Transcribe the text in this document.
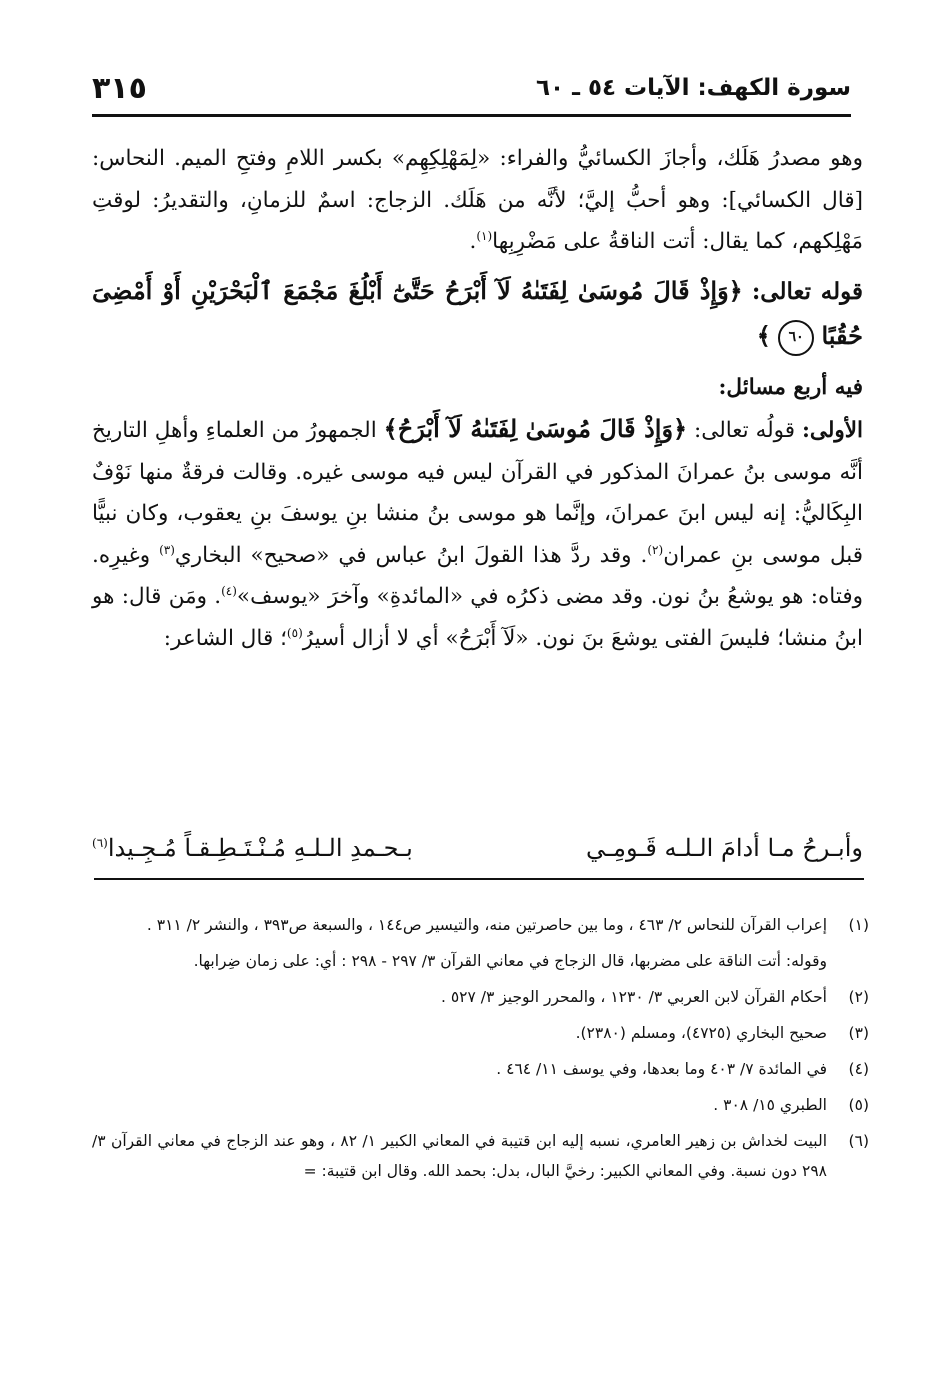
سورة الكهف: الآيات ٥٤ ـ ٦٠
٣١٥

وهو مصدرُ هَلَك، وأجازَ الكسائيُّ والفراء: «لِمَهْلِكِهِم» بكسر اللامِ وفتحِ الميم. النحاس: [قال الكسائي]: وهو أحبُّ إليَّ؛ لأنَّه من هَلَك. الزجاج: اسمٌ للزمانِ، والتقديرُ: لوقتِ مَهْلِكهم، كما يقال: أتت الناقةُ على مَضْرِبِها$^{(١)}$.

قوله تعالى: ﴿وَإِذْ قَالَ مُوسَىٰ لِفَتَىٰهُ لَآ أَبْرَحُ حَتَّىٰٓ أَبْلُغَ مَجْمَعَ ٱلْبَحْرَيْنِ أَوْ أَمْضِىَ حُقُبًا ٦٠ ﴾

فيه أربع مسائل:

الأولى: قولُه تعالى: ﴿وَإِذْ قَالَ مُوسَىٰ لِفَتَىٰهُ لَآ أَبْرَحُ﴾ الجمهورُ من العلماءِ وأهلِ التاريخ أنَّه موسى بنُ عمرانَ المذكور في القرآن ليس فيه موسى غيره. وقالت فرقةٌ منها نَوْفٌ البِكَاليُّ: إنه ليس ابنَ عمرانَ، وإنَّما هو موسى بنُ منشا بنِ يوسفَ بنِ يعقوب، وكان نبيًّا قبل موسى بنِ عمران$^{(٢)}$. وقد ردَّ هذا القولَ ابنُ عباس في «صحيح» البخاري$^{(٣)}$ وغيرِه. وفتاه: هو يوشعُ بنُ نون. وقد مضى ذكرُه في «المائدةِ» وآخرَ «يوسف»$^{(٤)}$. ومَن قال: هو ابنُ منشا؛ فليسَ الفتى يوشعَ بنَ نون. «لَآ أَبْرَحُ» أي لا أزال أسيرُ$^{(٥)}$؛ قال الشاعر:

وأبـرحُ مـا أدامَ الـلـه قَـومِـي
بـحـمدِ الـلـهِ مُـنْـتَـطِـقـاً مُـجِـيدا$^{(٦)}$

(١)
إعراب القرآن للنحاس ٢/ ٤٦٣ ، وما بين حاصرتين منه، والتيسير ص١٤٤ ، والسبعة ص٣٩٣ ، والنشر ٢/ ٣١١ .

وقوله: أتت الناقة على مضربها، قال الزجاج في معاني القرآن ٣/ ٢٩٧ - ٢٩٨ : أي: على زمان ضِرابها.

(٢)
أحكام القرآن لابن العربي ٣/ ١٢٣٠ ، والمحرر الوجيز ٣/ ٥٢٧ .

(٣)
صحيح البخاري (٤٧٢٥)، ومسلم (٢٣٨٠).

(٤)
في المائدة ٧/ ٤٠٣ وما بعدها، وفي يوسف ١١/ ٤٦٤ .

(٥)
الطبري ١٥/ ٣٠٨ .

(٦)
البيت لخداش بن زهير العامري، نسبه إليه ابن قتيبة في المعاني الكبير ١/ ٨٢ ، وهو عند الزجاج في معاني القرآن ٣/ ٢٩٨ دون نسبة. وفي المعاني الكبير: رخيَّ البال، بدل: بحمد الله. وقال ابن قتيبة: =
